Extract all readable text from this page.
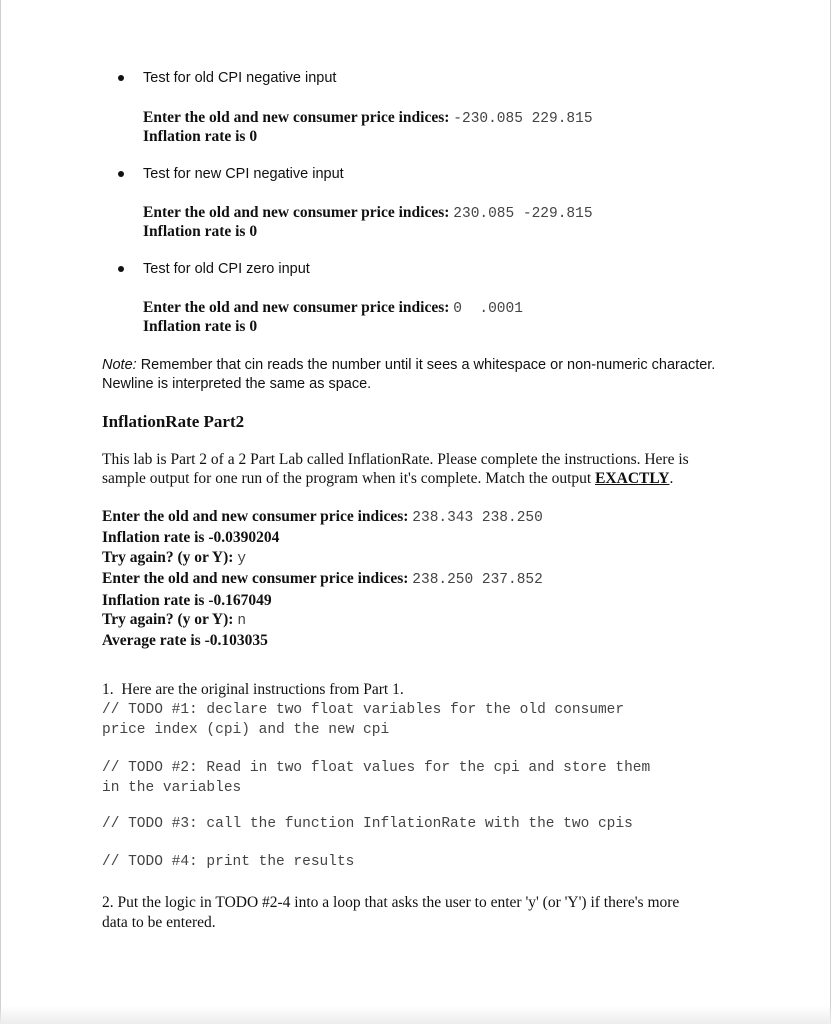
Test for old CPI negative input
Enter the old and new consumer price indices: -230.085 229.815
Inflation rate is 0
Test for new CPI negative input
Enter the old and new consumer price indices: 230.085 -229.815
Inflation rate is 0
Test for old CPI zero input
Enter the old and new consumer price indices: 0  .0001
Inflation rate is 0
Note: Remember that cin reads the number until it sees a whitespace or non-numeric character.
Newline is interpreted the same as space.
InflationRate Part2
This lab is Part 2 of a 2 Part Lab called InflationRate. Please complete the instructions. Here is
sample output for one run of the program when it's complete. Match the output EXACTLY.
Enter the old and new consumer price indices: 238.343 238.250
Inflation rate is -0.0390204
Try again? (y or Y): y
Enter the old and new consumer price indices: 238.250 237.852
Inflation rate is -0.167049
Try again? (y or Y): n
Average rate is -0.103035
1.  Here are the original instructions from Part 1.
// TODO #1: declare two float variables for the old consumer
price index (cpi) and the new cpi
// TODO #2: Read in two float values for the cpi and store them
in the variables
// TODO #3: call the function InflationRate with the two cpis
// TODO #4: print the results
2. Put the logic in TODO #2-4 into a loop that asks the user to enter 'y' (or 'Y') if there's more
data to be entered.
